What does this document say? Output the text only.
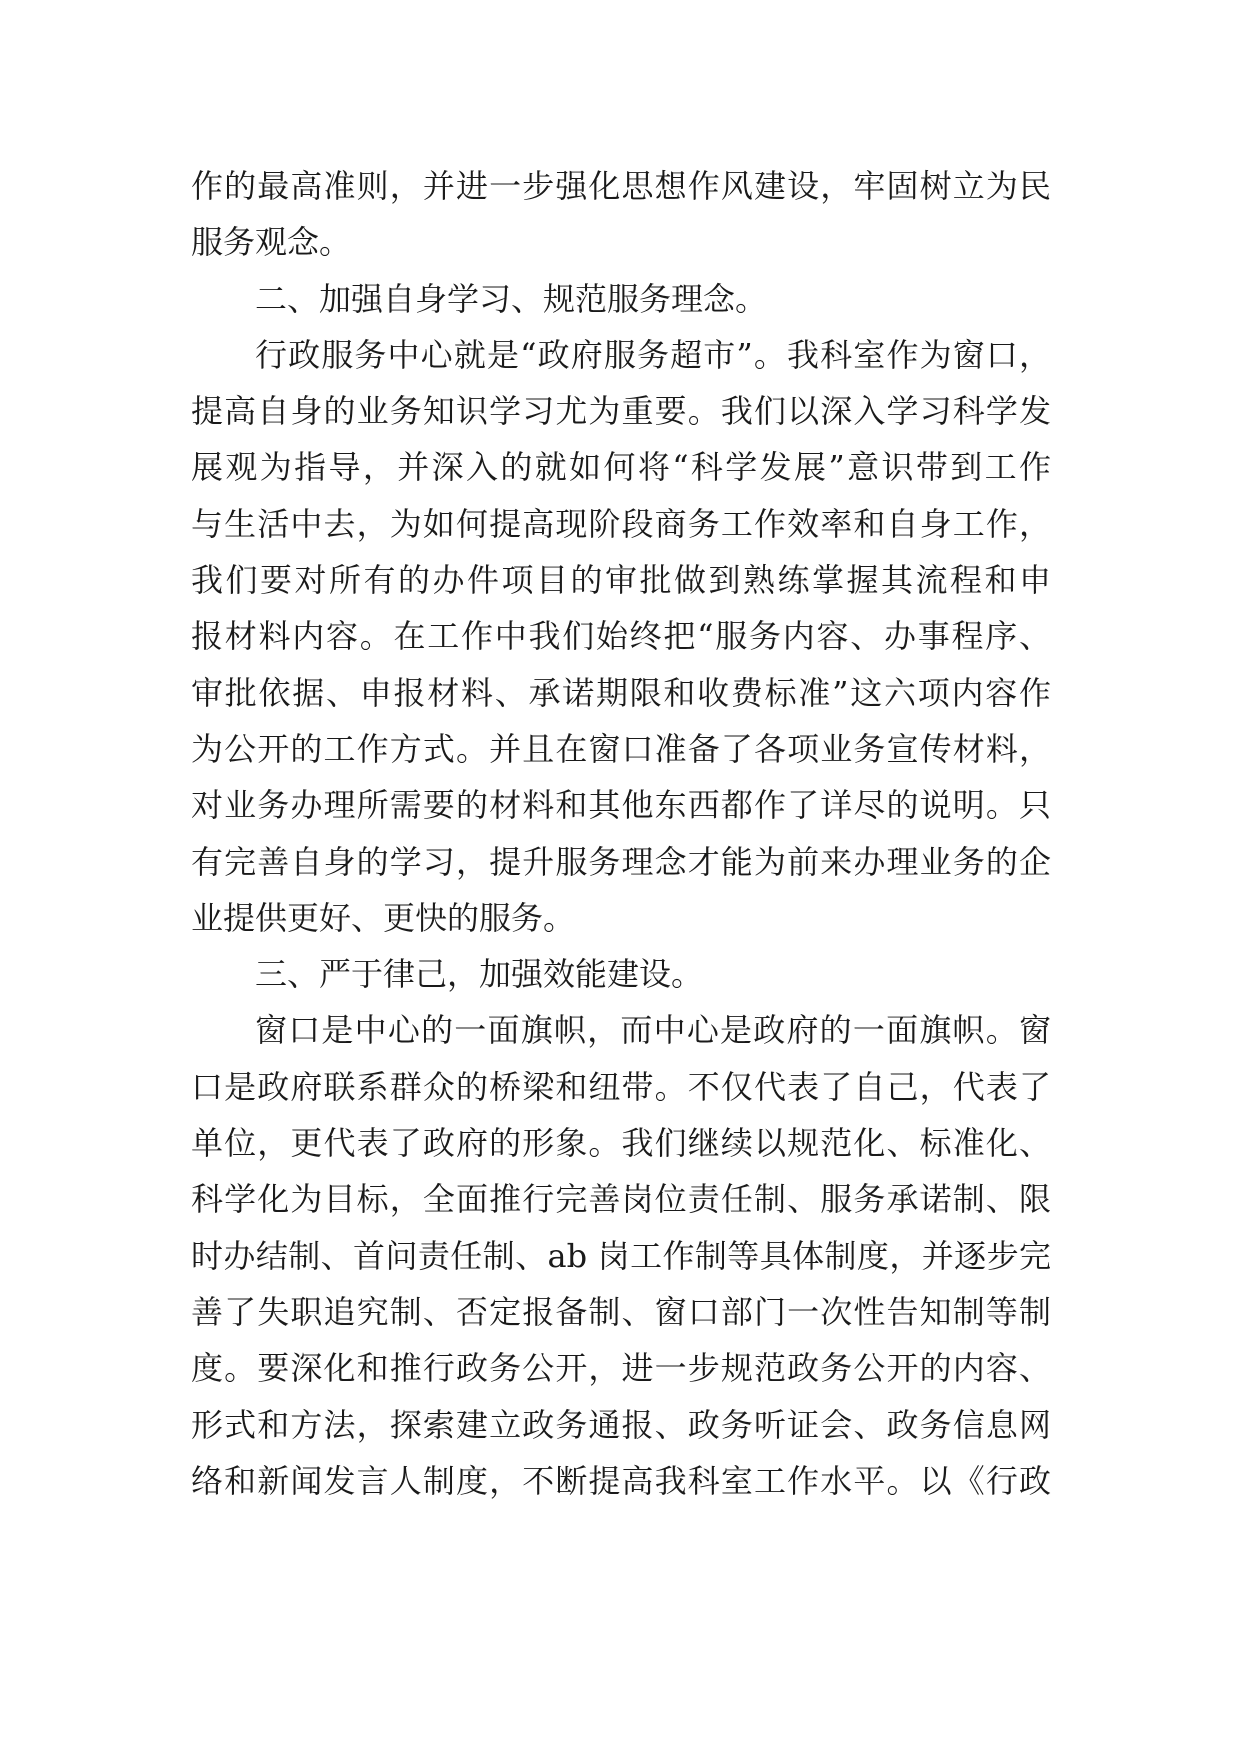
作的最高准则，并进一步强化思想作风建设，牢固树立为民
服务观念。
二、加强自身学习、规范服务理念。
行政服务中心就是“政府服务超市”。我科室作为窗口，
提高自身的业务知识学习尤为重要。我们以深入学习科学发
展观为指导，并深入的就如何将“科学发展”意识带到工作
与生活中去，为如何提高现阶段商务工作效率和自身工作，
我们要对所有的办件项目的审批做到熟练掌握其流程和申
报材料内容。在工作中我们始终把“服务内容、办事程序、
审批依据、申报材料、承诺期限和收费标准”这六项内容作
为公开的工作方式。并且在窗口准备了各项业务宣传材料，
对业务办理所需要的材料和其他东西都作了详尽的说明。只
有完善自身的学习，提升服务理念才能为前来办理业务的企
业提供更好、更快的服务。
三、严于律己，加强效能建设。
窗口是中心的一面旗帜，而中心是政府的一面旗帜。窗
口是政府联系群众的桥梁和纽带。不仅代表了自己，代表了
单位，更代表了政府的形象。我们继续以规范化、标准化、
科学化为目标，全面推行完善岗位责任制、服务承诺制、限
时办结制、首问责任制、ab 岗工作制等具体制度，并逐步完
善了失职追究制、否定报备制、窗口部门一次性告知制等制
度。要深化和推行政务公开，进一步规范政务公开的内容、
形式和方法，探索建立政务通报、政务听证会、政务信息网
络和新闻发言人制度，不断提高我科室工作水平。以《行政
